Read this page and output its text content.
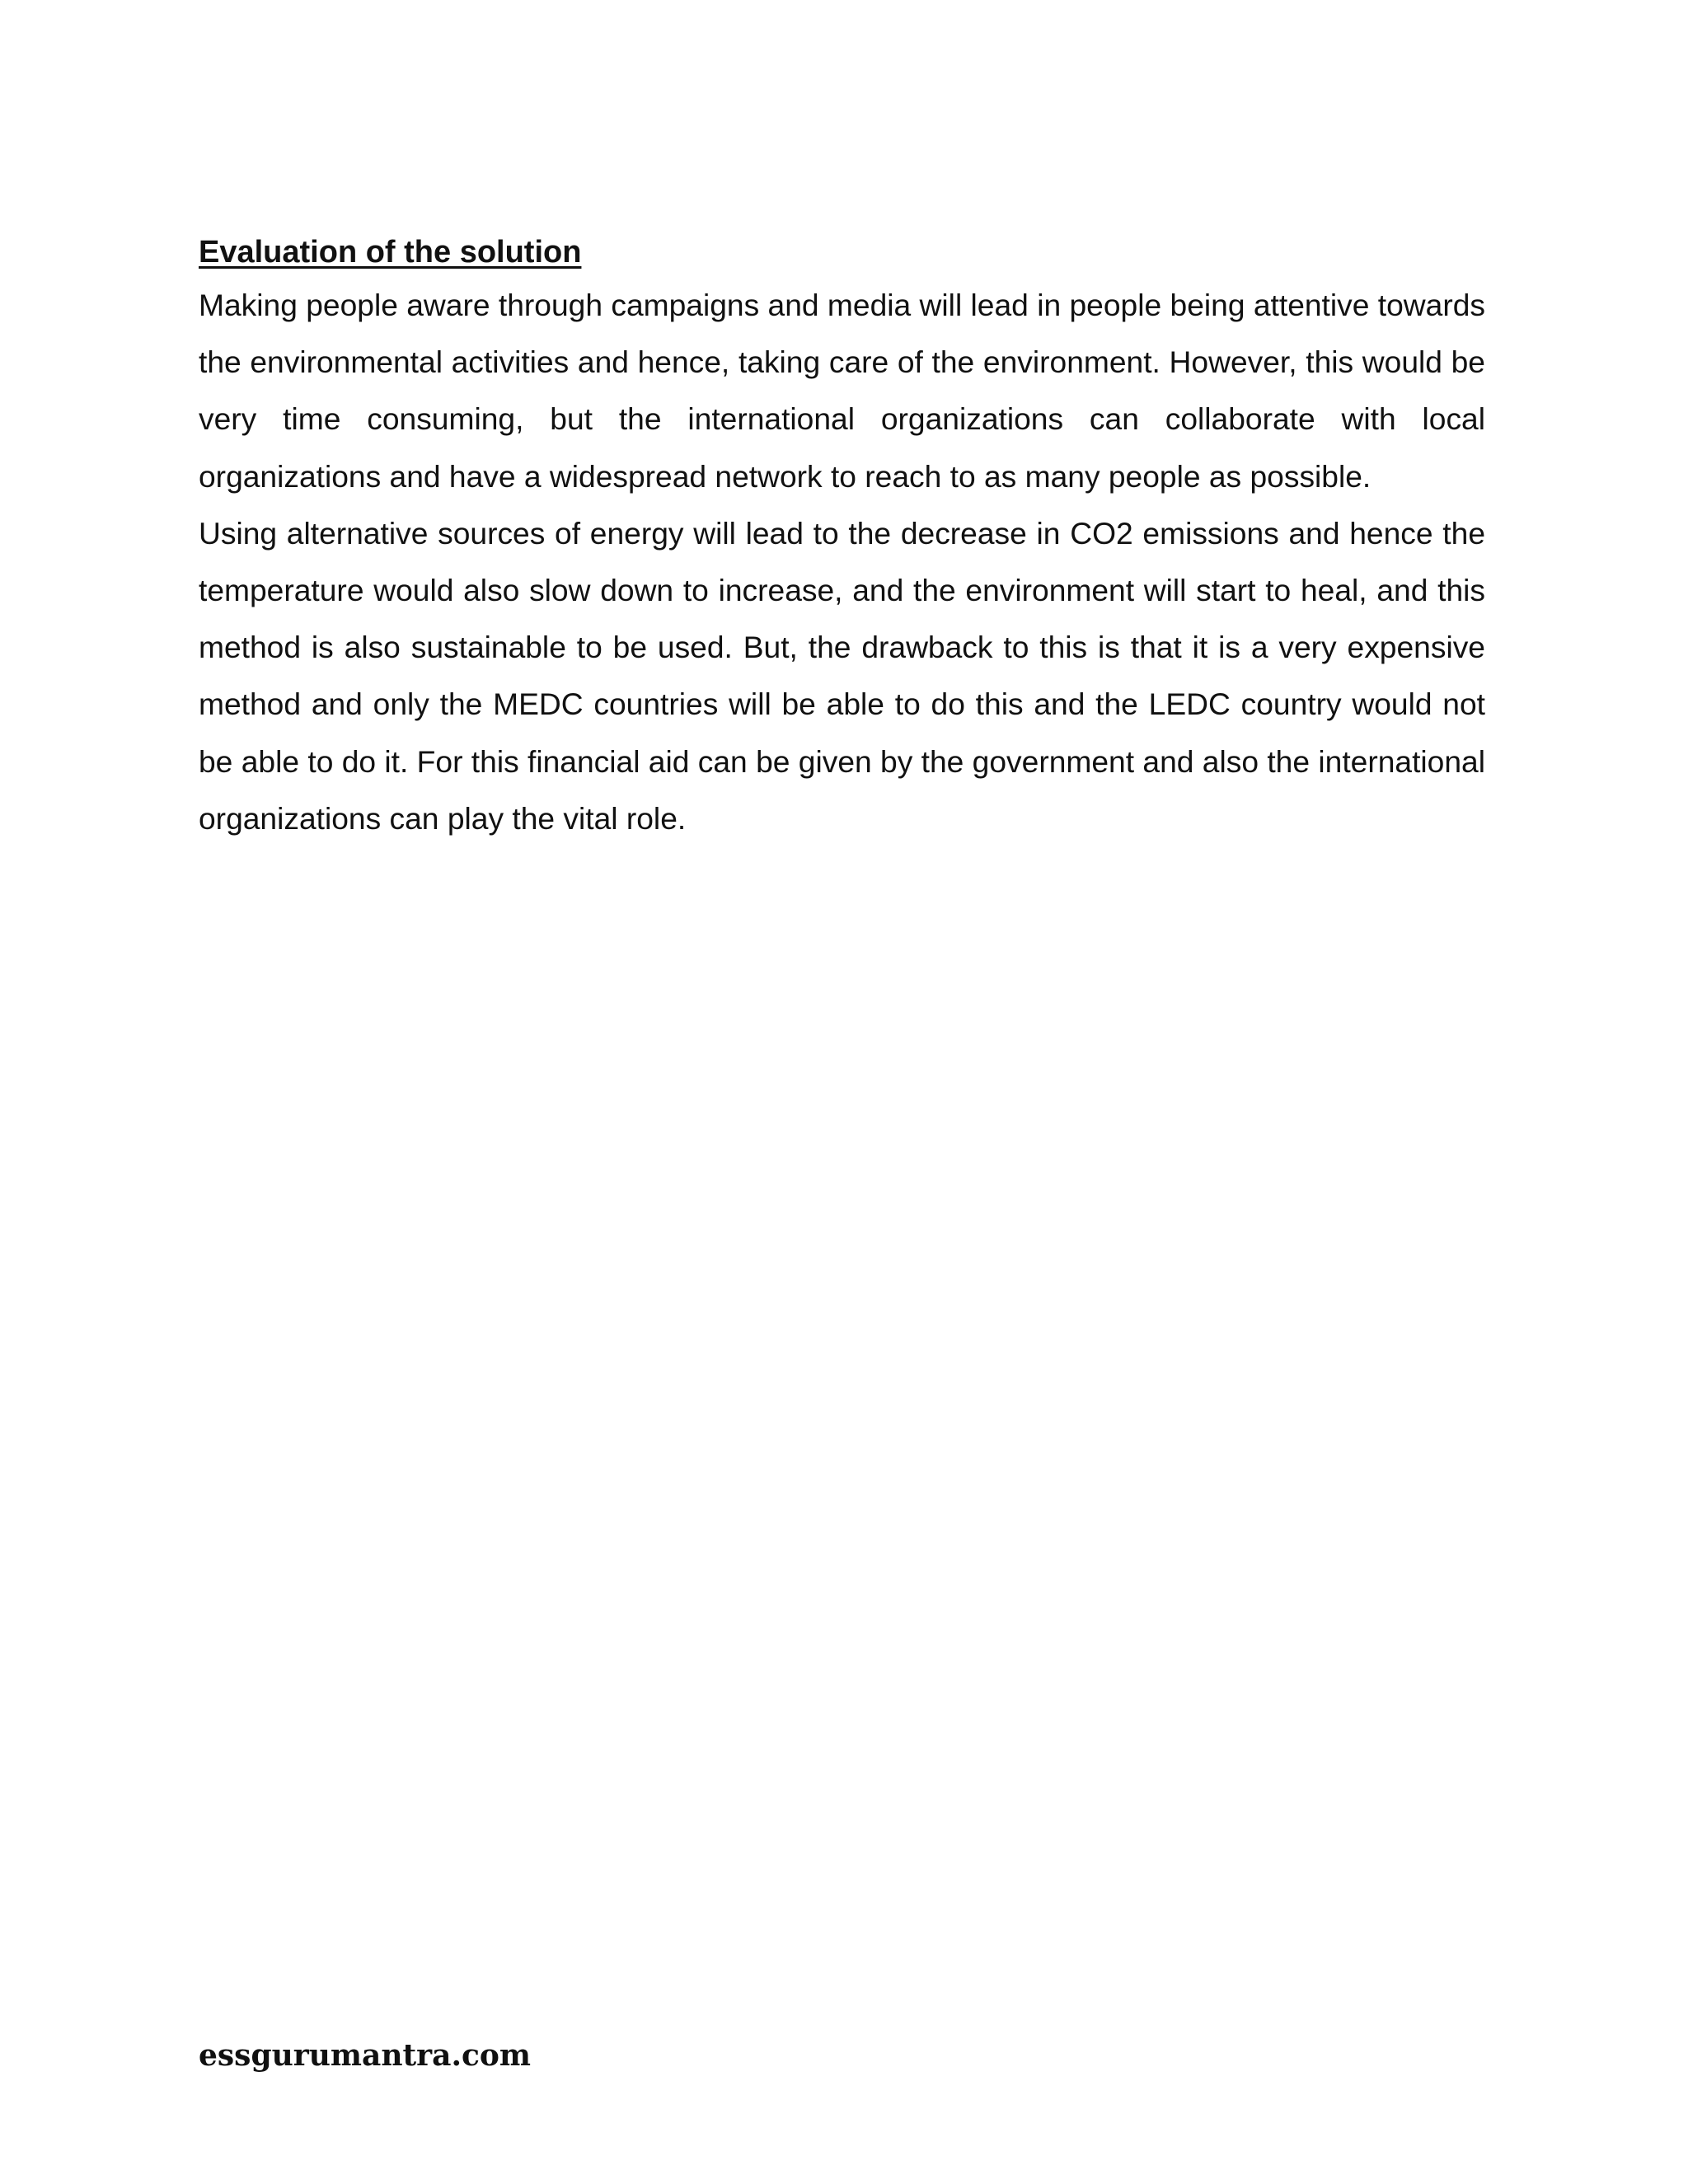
Evaluation of the solution

Making people aware through campaigns and media will lead in people being attentive towards the environmental activities and hence, taking care of the environment. However, this would be very time consuming, but the international organizations can collaborate with local organizations and have a widespread network to reach to as many people as possible.

Using alternative sources of energy will lead to the decrease in CO2 emissions and hence the temperature would also slow down to increase, and the environment will start to heal, and this method is also sustainable to be used. But, the drawback to this is that it is a very expensive method and only the MEDC countries will be able to do this and the LEDC country would not be able to do it. For this financial aid can be given by the government and also the international organizations can play the vital role.

essgurumantra.com
